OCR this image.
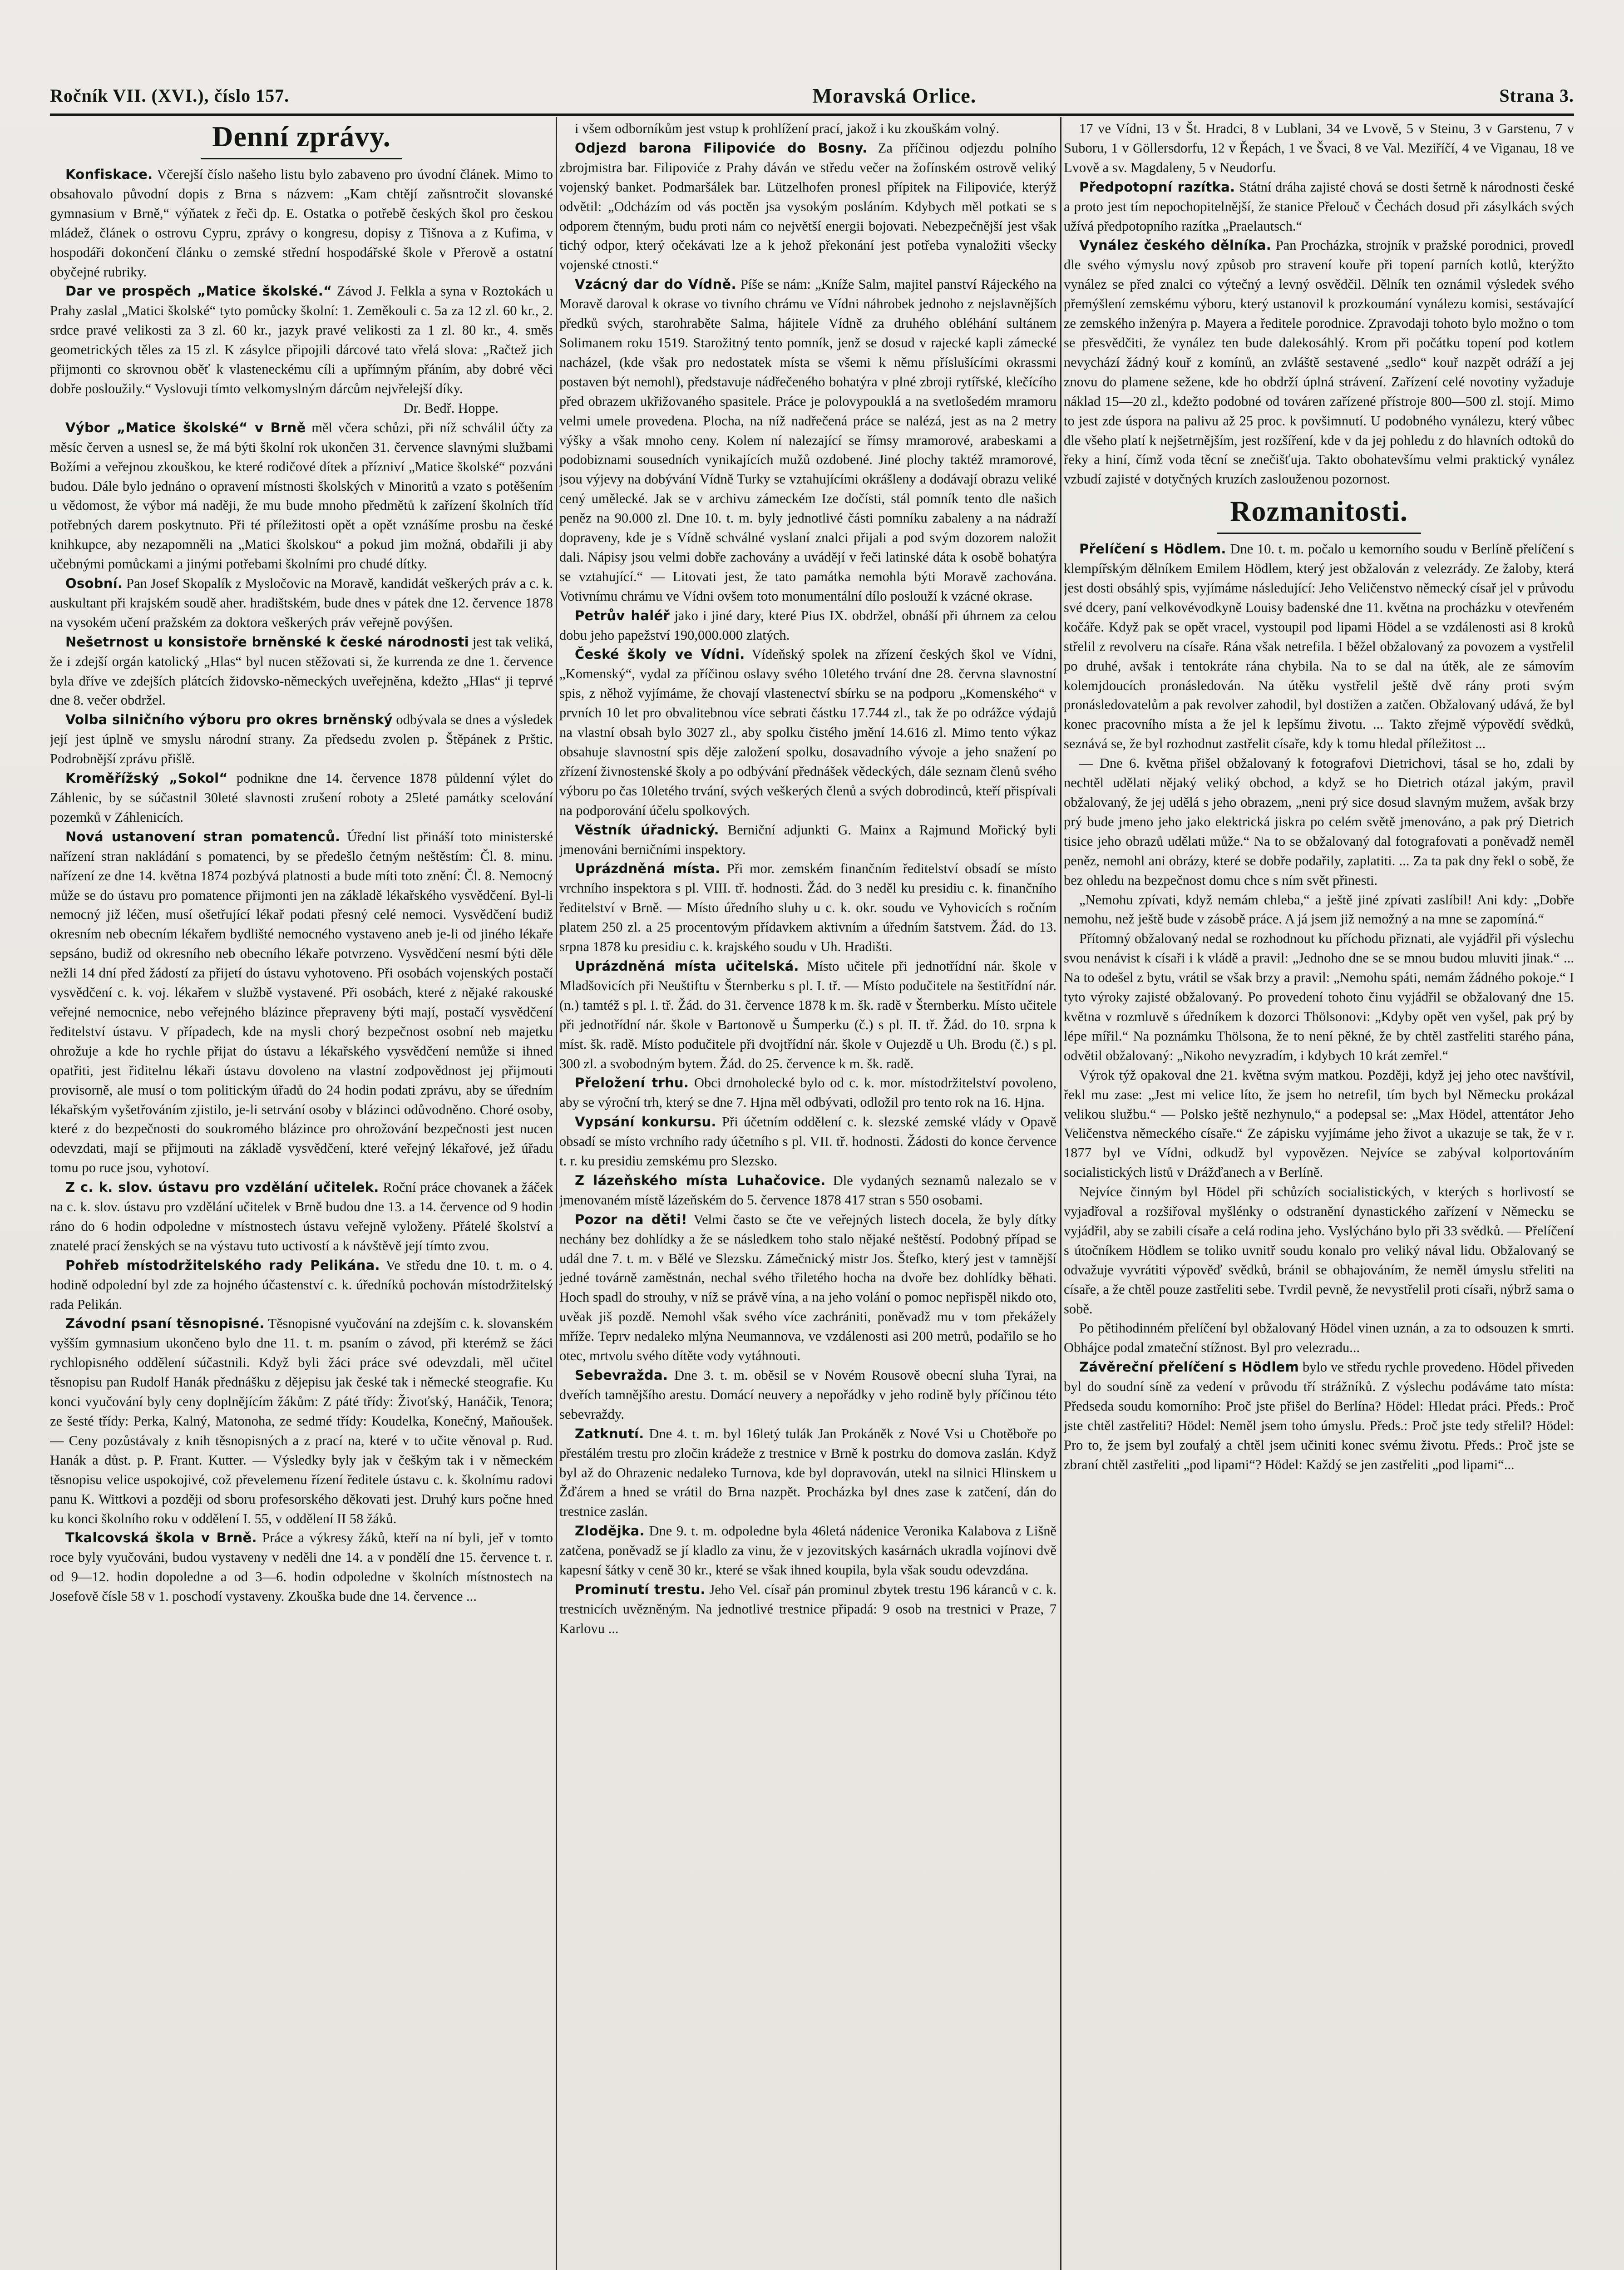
Ročník VII. (XVI.), číslo 157.	Moravská Orlice.	Strana 3.
Denní zprávy.

Konfiskace. Včerejší číslo našeho listu bylo zabaveno pro úvodní článek. Mimo to obsahovalo původní dopis z Brna s názvem: „Kam chtějí zaňsntročit slovanské gymnasium v Brně,“ výňatek z řeči dp. E. Ostatka o potřebě českých škol pro českou mládež, článek o ostrovu Cypru, zprávy o kongresu, dopisy z Tišnova a z Kufima, v hospodáři dokončení článku o zemské střední hospodářské škole v Přerově a ostatní obyčejné rubriky.

Dar ve prospěch „Matice školské.“ Závod J. Felkla a syna v Roztokách u Prahy zaslal „Matici školské“ tyto pomůcky školní: 1. Zeměkouli c. 5a za 12 zl. 60 kr., 2. srdce pravé velikosti za 3 zl. 60 kr., jazyk pravé velikosti za 1 zl. 80 kr., 4. směs geometrických těles za 15 zl. K zásylce připojili dárcové tato vřelá slova: „Račtež jich přijmonti co skrovnou oběť k vlasteneckému cíli a upřímným přáním, aby dobré věci dobře posloužily.“ Vyslovuji tímto velkomyslným dárcům nejvřelejší díky.

Dr. Bedř. Hoppe.

Výbor „Matice školské“ v Brně měl včera schůzi, při níž schválil účty za měsíc červen a usnesl se, že má býti školní rok ukončen 31. července slavnými službami Božími a veřejnou zkouškou, ke které rodičové dítek a přízniví „Matice školské“ pozváni budou. Dále bylo jednáno o opravení místnosti školských v Minoritů a vzato s potěšením u vědomost, že výbor má naději, že mu bude mnoho předmětů k zařízení školních tříd potřebných darem poskytnuto. Při té příležitosti opět a opět vznášíme prosbu na české knihkupce, aby nezapomněli na „Matici školskou“ a pokud jim možná, obdařili ji aby učebnými pomůckami a jinými potřebami školními pro chudé dítky.

Osobní. Pan Josef Skopalík z Mysločovic na Moravě, kandidát veškerých práv a c. k. auskultant při krajském soudě aher. hradištském, bude dnes v pátek dne 12. července 1878 na vysokém učení pražském za doktora veškerých práv veřejně povýšen.

Nešetrnost u konsistoře brněnské k české národnosti jest tak veliká, že i zdejší orgán katolický „Hlas“ byl nucen stěžovati si, že kurrenda ze dne 1. července byla dříve ve zdejších plátcích židovsko-německých uveřejněna, kdežto „Hlas“ ji teprvé dne 8. večer obdržel.

Volba silničního výboru pro okres brněnský odbývala se dnes a výsledek její jest úplně ve smyslu národní strany. Za předsedu zvolen p. Štěpánek z Prštic. Podrobnější zprávu přišlě.

Kroměřížský „Sokol“ podnikne dne 14. července 1878 půldenní výlet do Záhlenic, by se súčastnil 30leté slavnosti zrušení roboty a 25leté památky scelování pozemků v Záhlenicích.

Nová ustanovení stran pomatenců. Úřední list přináší toto ministerské nařízení stran nakládání s pomatenci, by se předešlo četným neštěstím: Čl. 8. minu. nařízení ze dne 14. května 1874 pozbývá platnosti a bude míti toto znění: Čl. 8. Nemocný může se do ústavu pro pomatence přijmonti jen na základě lékařského vysvědčení. Byl-li nemocný již léčen, musí ošetřující lékař podati přesný celé nemoci. Vysvědčení budiž okresním neb obecním lékařem bydlišté nemocného vystaveno aneb je-li od jiného lékaře sepsáno, budiž od okresního neb obecního lékaře potvrzeno. Vysvědčení nesmí býti děle nežli 14 dní před žádostí za přijetí do ústavu vyhotoveno. Při osobách vojenských postačí vysvědčení c. k. voj. lékařem v službě vystavené. Při osobách, které z nějaké rakouské veřejné nemocnice, nebo veřejného blázince přepraveny býti mají, postačí vysvědčení ředitelství ústavu. V případech, kde na mysli chorý bezpečnost osobní neb majetku ohrožuje a kde ho rychle přijat do ústavu a lékařského vysvědčení nemůže si ihned opatřiti, jest řiditelnu lékaři ústavu dovoleno na vlastní zodpovědnost jej přijmouti provisorně, ale musí o tom politickým úřadů do 24 hodin podati zprávu, aby se úředním lékařským vyšetřováním zjistilo, je-li setrvání osoby v blázinci odůvodněno. Choré osoby, které z do bezpečnosti do soukromého blázince pro ohrožování bezpečnosti jest nucen odevzdati, mají se přijmouti na základě vysvědčení, které veřejný lékařové, jež úřadu tomu po ruce jsou, vyhotoví.

Z c. k. slov. ústavu pro vzdělání učitelek. Roční práce chovanek a žáček na c. k. slov. ústavu pro vzdělání učitelek v Brně budou dne 13. a 14. července od 9 hodin ráno do 6 hodin odpoledne v místnostech ústavu veřejně vyloženy. Přátelé školství a znatelé prací ženských se na výstavu tuto uctivostí a k návštěvě její tímto zvou.

Pohřeb místodržitelského rady Pelikána. Ve středu dne 10. t. m. o 4. hodině odpolední byl zde za hojného účastenství c. k. úředníků pochován místodržitelský rada Pelikán.

Závodní psaní těsnopisné. Těsnopisné vyučování na zdejším c. k. slovanském vyšším gymnasium ukončeno bylo dne 11. t. m. psaním o závod, při kterémž se žáci rychlopisného oddělení súčastnili. Když byli žáci práce své odevzdali, měl učitel těsnopisu pan Rudolf Hanák přednášku z dějepisu jak české tak i německé steografie. Ku konci vyučování byly ceny doplnějícím žákům: Z páté třídy: Živoťský, Hanáčik, Tenora; ze šesté třídy: Perka, Kalný, Matonoha, ze sedmé třídy: Koudelka, Konečný, Maňoušek. — Ceny pozůstávaly z knih těsnopisných a z prací na, které v to učite věnoval p. Rud. Hanák a důst. p. P. Frant. Kutter. — Výsledky byly jak v češkým tak i v německém těsnopisu velice uspokojivé, což převelemenu řízení ředitele ústavu c. k. školnímu radovi panu K. Wittkovi a později od sboru profesorského děkovati jest. Druhý kurs počne hned ku konci školního roku v oddělení I. 55, v oddělení II 58 žáků.

Tkalcovská škola v Brně. Práce a výkresy žáků, kteří na ní byli, jeř v tomto roce byly vyučováni, budou vystaveny v neděli dne 14. a v pondělí dne 15. července t. r. od 9—12. hodin dopoledne a od 3—6. hodin odpoledne v školních místnostech na Josefově čísle 58 v 1. poschodí vystaveny. Zkouška bude dne 14. července ...

i všem odborníkům jest vstup k prohlížení prací, jakož i ku zkouškám volný.

Odjezd barona Filipoviće do Bosny. Za příčinou odjezdu polního zbrojmistra bar. Filipoviće z Prahy dáván ve středu večer na žofínském ostrově veliký vojenský banket. Podmaršálek bar. Lützelhofen pronesl přípitek na Filipoviće, kterýž odvětil: „Odcházím od vás poctěn jsa vysokým posláním. Kdybych měl potkati se s odporem čtenným, budu proti nám co největší energii bojovati. Nebezpečnější jest však tichý odpor, který očekávati lze a k jehož překonání jest potřeba vynaložiti všecky vojenské ctnosti.“

Vzácný dar do Vídně. Píše se nám: „Kníže Salm, majitel panství Rájeckého na Moravě daroval k okrase vo tivního chrámu ve Vídni náhrobek jednoho z nejslavnějších předků svých, starohraběte Salma, hájitele Vídně za druhého obléhání sultánem Solimanem roku 1519. Starožitný tento pomník, jenž se dosud v rajecké kapli zámecké nacházel, (kde však pro nedostatek místa se všemi k němu příslušícími okrassmi postaven být nemohl), představuje nádřečeného bohatýra v plné zbroji rytířské, klečícího před obrazem ukřižovaného spasitele. Práce je polovypouklá a na svetlošedém mramoru velmi umele provedena. Plocha, na níž nadřečená práce se nalézá, jest as na 2 metry výšky a však mnoho ceny. Kolem ní nalezající se římsy mramorové, arabeskami a podobiznami sousedních vynikajících mužů ozdobené. Jiné plochy taktéž mramorové, jsou výjevy na dobývání Vídně Turky se vztahujícími okrášleny a dodávají obrazu veliké cený umělecké. Jak se v archivu zámeckém Ize dočísti, stál pomník tento dle našich peněz na 90.000 zl. Dne 10. t. m. byly jednotlivé části pomníku zabaleny a na nádraží dopraveny, kde je s Vídně schválné vyslaní znalci přijali a pod svým dozorem naložit dali. Nápisy jsou velmi dobře zachovány a uvádějí v řeči latinské dáta k osobě bohatýra se vztahující.“ — Litovati jest, že tato památka nemohla býti Moravě zachována. Votivnímu chrámu ve Vídni ovšem toto monumentální dílo poslouží k vzácné okrase.

Petrův haléř jako i jiné dary, které Pius IX. obdržel, obnáší při úhrnem za celou dobu jeho papežství 190,000.000 zlatých.

České školy ve Vídni. Vídeňský spolek na zřízení českých škol ve Vídni, „Komenský“, vydal za příčinou oslavy svého 10letého trvání dne 28. června slavnostní spis, z něhož vyjímáme, že chovají vlastenectví sbírku se na podporu „Komenského“ v prvních 10 let pro obvalitebnou více sebrati částku 17.744 zl., tak že po odrážce výdajů na vlastní obsah bylo 3027 zl., aby spolku čistého jmění 14.616 zl. Mimo tento výkaz obsahuje slavnostní spis děje založení spolku, dosavadního vývoje a jeho snažení po zřízení živnostenské školy a po odbývání přednášek vědeckých, dále seznam členů svého výboru po čas 10letého trvání, svých veškerých členů a svých dobrodinců, kteří přispívali na podporování účelu spolkových.

Věstník úřadnický. Berniční adjunkti G. Mainx a Rajmund Mořický byli jmenováni berničními inspektory.

Uprázdněná místa. Při mor. zemském finančním ředitelství obsadí se místo vrchního inspektora s pl. VIII. tř. hodnosti. Žád. do 3 neděl ku presidiu c. k. finančního ředitelství v Brně. — Místo úředního sluhy u c. k. okr. soudu ve Vyhovicích s ročním platem 250 zl. a 25 procentovým přídavkem aktivním a úředním šatstvem. Žád. do 13. srpna 1878 ku presidiu c. k. krajského soudu v Uh. Hradišti.

Uprázdněná místa učitelská. Místo učitele při jednotřídní nár. škole v Mladšovicích při Neuštiftu v Šternberku s pl. I. tř. — Místo podučitele na šestitřídní nár. (n.) tamtéž s pl. I. tř. Žád. do 31. července 1878 k m. šk. radě v Šternberku. Místo učitele při jednotřídní nár. škole v Bartonově u Šumperku (č.) s pl. II. tř. Žád. do 10. srpna k míst. šk. radě. Místo podučitele při dvojtřídní nár. škole v Oujezdě u Uh. Brodu (č.) s pl. 300 zl. a svobodným bytem. Žád. do 25. července k m. šk. radě.

Přeložení trhu. Obci drnoholecké bylo od c. k. mor. místodržitelství povoleno, aby se výroční trh, který se dne 7. Hjna měl odbývati, odložil pro tento rok na 16. Hjna.

Vypsání konkursu. Při účetním oddělení c. k. slezské zemské vlády v Opavě obsadí se místo vrchního rady účetního s pl. VII. tř. hodnosti. Žádosti do konce července t. r. ku presidiu zemskému pro Slezsko.

Z lázeňského místa Luhačovice. Dle vydaných seznamů nalezalo se v jmenovaném místě lázeňském do 5. července 1878 417 stran s 550 osobami.

Pozor na děti! Velmi často se čte ve veřejných listech docela, že byly dítky nechány bez dohlídky a že se následkem toho stalo nějaké neštěstí. Podobný případ se udál dne 7. t. m. v Bělé ve Slezsku. Zámečnický mistr Jos. Štefko, který jest v tamnější jedné továrně zaměstnán, nechal svého třiletého hocha na dvoře bez dohlídky běhati. Hoch spadl do strouhy, v níž se právě vína, a na jeho volání o pomoc nepřispěl nikdo oto, uvěak jiš pozdě. Nemohl však svého více zachrániti, poněvadž mu v tom překážely mříže. Teprv nedaleko mlýna Neumannova, ve vzdálenosti asi 200 metrů, podařilo se ho otec, mrtvolu svého dítěte vody vytáhnouti.

Sebevražda. Dne 3. t. m. oběsil se v Novém Rousově obecní sluha Tyrai, na dveřích tamnějšího arestu. Domácí neuvery a nepořádky v jeho rodině byly příčinou této sebevraždy.

Zatknutí. Dne 4. t. m. byl 16letý tulák Jan Prokáněk z Nové Vsi u Chotěboře po přestálém trestu pro zločin krádeže z trestnice v Brně k postrku do domova zaslán. Když byl až do Ohrazenic nedaleko Turnova, kde byl dopravován, utekl na silnici Hlinskem u Žďárem a hned se vrátil do Brna nazpět. Procházka byl dnes zase k zatčení, dán do trestnice zaslán.

Zlodějka. Dne 9. t. m. odpoledne byla 46letá nádenice Veronika Kalabova z Lišně zatčena, poněvadž se jí kladlo za vinu, že v jezovitských kasárnách ukradla vojínovi dvě kapesní šátky v ceně 30 kr., které se však ihned koupila, byla však soudu odevzdána.

Prominutí trestu. Jeho Vel. císař pán prominul zbytek trestu 196 káranců v c. k. trestnicích uvězněným. Na jednotlivé trestnice připadá: 9 osob na trestnici v Praze, 7 Karlovu ...

17 ve Vídni, 13 v Št. Hradci, 8 v Lublani, 34 ve Lvově, 5 v Steinu, 3 v Garstenu, 7 v Suboru, 1 v Göllersdorfu, 12 v Řepách, 1 ve Švaci, 8 ve Val. Meziříčí, 4 ve Viganau, 18 ve Lvově a sv. Magdaleny, 5 v Neudorfu.

Předpotopní razítka. Státní dráha zajisté chová se dosti šetrně k národnosti české a proto jest tím nepochopitelnější, že stanice Přelouč v Čechách dosud při zásylkách svých užívá předpotopního razítka „Praelautsch.“

Vynález českého dělníka. Pan Procházka, strojník v pražské porodnici, provedl dle svého výmyslu nový způsob pro stravení kouře při topení parních kotlů, kterýžto vynález se před znalci co výtečný a levný osvědčil. Dělník ten oznámil výsledek svého přemýšlení zemskému výboru, který ustanovil k prozkoumání vynálezu komisi, sestávající ze zemského inženýra p. Mayera a ředitele porodnice. Zpravodaji tohoto bylo možno o tom se přesvědčiti, že vynález ten bude dalekosáhlý. Krom při počátku topení pod kotlem nevychází žádný kouř z komínů, an zvláště sestavené „sedlo“ kouř nazpět odráží a jej znovu do plamene sežene, kde ho obdrží úplná strávení. Zařízení celé novotiny vyžaduje náklad 15—20 zl., kdežto podobné od továren zařízené přístroje 800—500 zl. stojí. Mimo to jest zde úspora na palivu až 25 proc. k povšimnutí. U podobného vynálezu, který vůbec dle všeho platí k nejšetrnějším, jest rozšíření, kde v da jej pohledu z do hlavních odtoků do řeky a hiní, čímž voda těcní se znečišťuja. Takto obohatevšímu velmi praktický vynález vzbudí zajisté v dotyčných kruzích zaslouženou pozornost.

Rozmanitosti.

Přelíčení s Hödlem. Dne 10. t. m. počalo u kemorního soudu v Berlíně přelíčení s klempířským dělníkem Emilem Hödlem, který jest obžalován z velezrády. Ze žaloby, která jest dosti obsáhlý spis, vyjímáme následující: Jeho Veličenstvo německý císař jel v průvodu své dcery, paní velkovévodkyně Louisy badenské dne 11. května na procházku v otevřeném kočáře. Když pak se opět vracel, vystoupil pod lipami Hödel a se vzdálenosti asi 8 kroků střelil z revolveru na císaře. Rána však netrefila. I běžel obžalovaný za povozem a vystřelil po druhé, avšak i tentokráte rána chybila. Na to se dal na útěk, ale ze sámovím kolemjdoucích pronásledován. Na útěku vystřelil ještě dvě rány proti svým pronásledovatelům a pak revolver zahodil, byl dostižen a zatčen. Obžalovaný udává, že byl konec pracovního místa a že jel k lepšímu životu. ... Takto zřejmě výpovědí svědků, seznává se, že byl rozhodnut zastřelit císaře, kdy k tomu hledal příležitost ...

— Dne 6. května přišel obžalovaný k fotografovi Dietrichovi, tásal se ho, zdali by nechtěl udělati nějaký veliký obchod, a když se ho Dietrich otázal jakým, pravil obžalovaný, že jej udělá s jeho obrazem, „neni prý sice dosud slavným mužem, avšak brzy prý bude jmeno jeho jako elektrická jiskra po celém světě jmenováno, a pak prý Dietrich tisice jeho obrazů udělati může.“ Na to se obžalovaný dal fotografovati a poněvadž neměl peněz, nemohl ani obrázy, které se dobře podařily, zaplatiti. ... Za ta pak dny řekl o sobě, že bez ohledu na bezpečnost domu chce s ním svět přinesti.

„Nemohu zpívati, když nemám chleba,“ a ještě jiné zpívati zaslíbil! Ani kdy: „Dobře nemohu, než ještě bude v zásobě práce. A já jsem již nemožný a na mne se zapomíná.“

Přítomný obžalovaný nedal se rozhodnout ku příchodu přiznati, ale vyjádřil při výslechu svou nenávist k císaři i k vládě a pravil: „Jednoho dne se se mnou budou mluviti jinak.“ ... Na to odešel z bytu, vrátil se však brzy a pravil: „Nemohu spáti, nemám žádného pokoje.“ I tyto výroky zajisté obžalovaný. Po provedení tohoto činu vyjádřil se obžalovaný dne 15. května v rozmluvě s úředníkem k dozorci Thölsonovi: „Kdyby opět ven vyšel, pak prý by lépe mířil.“ Na poznámku Thölsona, že to není pěkné, že by chtěl zastřeliti starého pána, odvětil obžalovaný: „Nikoho nevyzradím, i kdybych 10 krát zemřel.“

Výrok týž opakoval dne 21. května svým matkou. Později, když jej jeho otec navštívil, řekl mu zase: „Jest mi velice líto, že jsem ho netrefil, tím bych byl Německu prokázal velikou službu.“ — Polsko ještě nezhynulo,“ a podepsal se: „Max Hödel, attentátor Jeho Veličenstva německého císaře.“ Ze zápisku vyjímáme jeho život a ukazuje se tak, že v r. 1877 byl ve Vídni, odkudž byl vypovězen. Nejvíce se zabýval kolportováním socialistických listů v Drážďanech a v Berlíně.

Nejvíce činným byl Hödel při schůzích socialistických, v kterých s horlivostí se vyjadřoval a rozšiřoval myšlénky o odstranění dynastického zařízení v Německu se vyjádřil, aby se zabili císaře a celá rodina jeho. Vyslýcháno bylo při 33 svědků. — Přelíčení s útočníkem Hödlem se toliko uvnitř soudu konalo pro veliký nával lidu. Obžalovaný se odvažuje vyvrátiti výpověď svědků, bránil se obhajováním, že neměl úmyslu střeliti na císaře, a že chtěl pouze zastřeliti sebe. Tvrdil pevně, že nevystřelil proti císaři, nýbrž sama o sobě.

Po pětihodinném přelíčení byl obžalovaný Hödel vinen uznán, a za to odsouzen k smrti. Obhájce podal zmateční stížnost. Byl pro velezradu...

Závěreční přelíčení s Hödlem bylo ve středu rychle provedeno. Hödel přiveden byl do soudní síně za vedení v průvodu tří strážníků. Z výslechu podáváme tato místa: Předseda soudu komorního: Proč jste přišel do Berlína? Hödel: Hledat práci. Předs.: Proč jste chtěl zastřeliti? Hödel: Neměl jsem toho úmyslu. Předs.: Proč jste tedy střelil? Hödel: Pro to, že jsem byl zoufalý a chtěl jsem učiniti konec svému životu. Předs.: Proč jste se zbraní chtěl zastřeliti „pod lipami“? Hödel: Každý se jen zastřeliti „pod lipami“...
